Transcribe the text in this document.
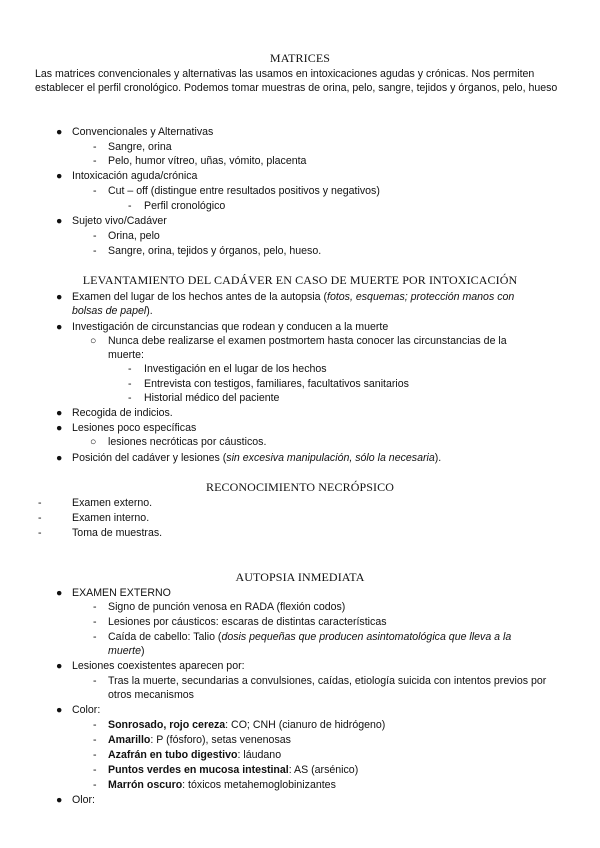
MATRICES
Las matrices convencionales y alternativas las usamos en intoxicaciones agudas y crónicas. Nos permiten establecer el perfil cronológico. Podemos tomar muestras de orina, pelo, sangre, tejidos y órganos, pelo, hueso
● Convencionales y Alternativas
- Sangre, orina
- Pelo, humor vítreo, uñas, vómito, placenta
● Intoxicación aguda/crónica
- Cut – off (distingue entre resultados positivos y negativos)
- Perfil cronológico
● Sujeto vivo/Cadáver
- Orina, pelo
- Sangre, orina, tejidos y órganos, pelo, hueso.
LEVANTAMIENTO DEL CADÁVER EN CASO DE MUERTE POR INTOXICACIÓN
● Examen del lugar de los hechos antes de la autopsia (fotos, esquemas; protección manos con bolsas de papel).
● Investigación de circunstancias que rodean y conducen a la muerte
○ Nunca debe realizarse el examen postmortem hasta conocer las circunstancias de la muerte:
- Investigación en el lugar de los hechos
- Entrevista con testigos, familiares, facultativos sanitarios
- Historial médico del paciente
● Recogida de indicios.
● Lesiones poco específicas
○ lesiones necróticas por cáusticos.
● Posición del cadáver y lesiones (sin excesiva manipulación, sólo la necesaria).
RECONOCIMIENTO NECRÓPSICO
-	Examen externo.
-	Examen interno.
-	Toma de muestras.
AUTOPSIA INMEDIATA
● EXAMEN EXTERNO
- Signo de punción venosa en RADA (flexión codos)
- Lesiones por cáusticos: escaras de distintas características
- Caída de cabello: Talio (dosis pequeñas que producen asintomatológica que lleva a la muerte)
● Lesiones coexistentes aparecen por:
- Tras la muerte, secundarias a convulsiones, caídas, etiología suicida con intentos previos por otros mecanismos
● Color:
- Sonrosado, rojo cereza: CO; CNH (cianuro de hidrógeno)
- Amarillo: P (fósforo), setas venenosas
- Azafrán en tubo digestivo: láudano
- Puntos verdes en mucosa intestinal: AS (arsénico)
- Marrón oscuro: tóxicos metahemoglobinizantes
● Olor:
